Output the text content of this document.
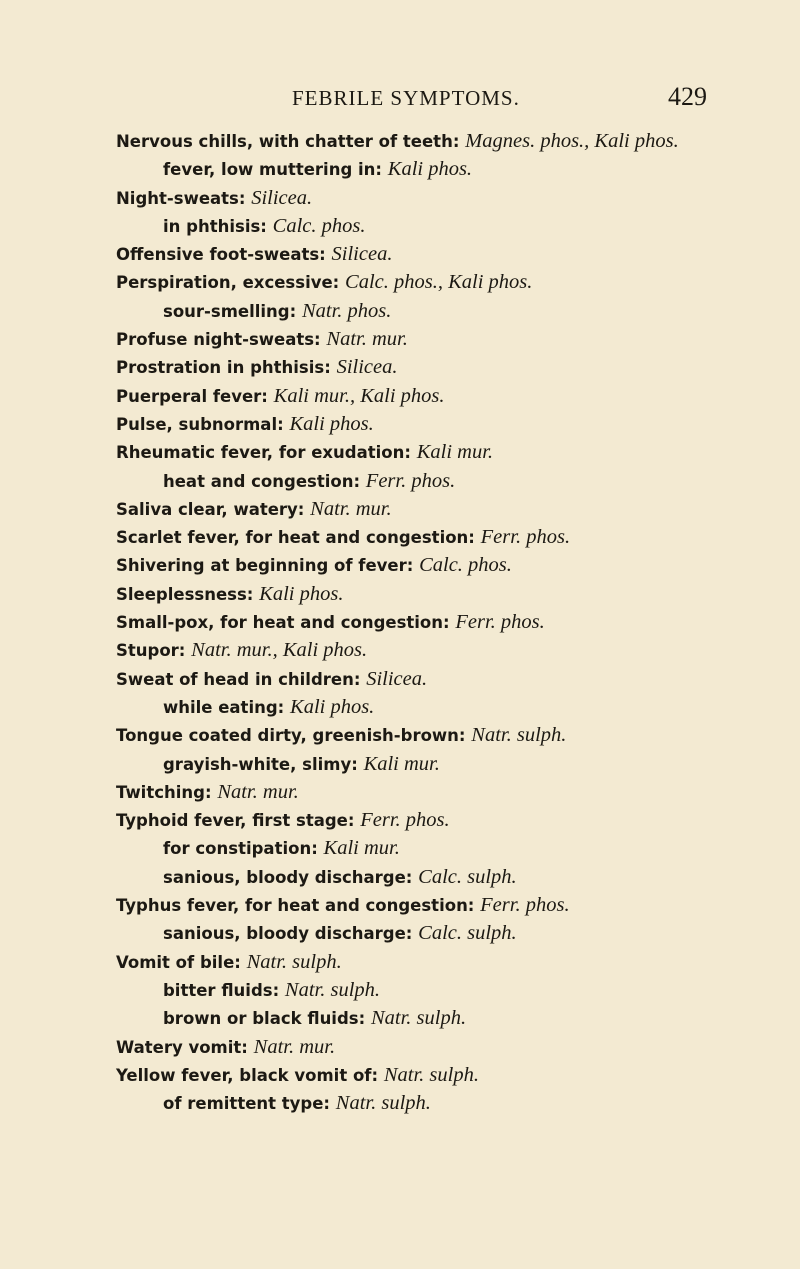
FEBRILE SYMPTOMS.	429
Nervous chills, with chatter of teeth: Magnes. phos., Kali phos.
fever, low muttering in: Kali phos.
Night-sweats: Silicea.
in phthisis: Calc. phos.
Offensive foot-sweats: Silicea.
Perspiration, excessive: Calc. phos., Kali phos.
sour-smelling: Natr. phos.
Profuse night-sweats: Natr. mur.
Prostration in phthisis: Silicea.
Puerperal fever: Kali mur., Kali phos.
Pulse, subnormal: Kali phos.
Rheumatic fever, for exudation: Kali mur.
heat and congestion: Ferr. phos.
Saliva clear, watery: Natr. mur.
Scarlet fever, for heat and congestion: Ferr. phos.
Shivering at beginning of fever: Calc. phos.
Sleeplessness: Kali phos.
Small-pox, for heat and congestion: Ferr. phos.
Stupor: Natr. mur., Kali phos.
Sweat of head in children: Silicea.
while eating: Kali phos.
Tongue coated dirty, greenish-brown: Natr. sulph.
grayish-white, slimy: Kali mur.
Twitching: Natr. mur.
Typhoid fever, first stage: Ferr. phos.
for constipation: Kali mur.
sanious, bloody discharge: Calc. sulph.
Typhus fever, for heat and congestion: Ferr. phos.
sanious, bloody discharge: Calc. sulph.
Vomit of bile: Natr. sulph.
bitter fluids: Natr. sulph.
brown or black fluids: Natr. sulph.
Watery vomit: Natr. mur.
Yellow fever, black vomit of: Natr. sulph.
of remittent type: Natr. sulph.
